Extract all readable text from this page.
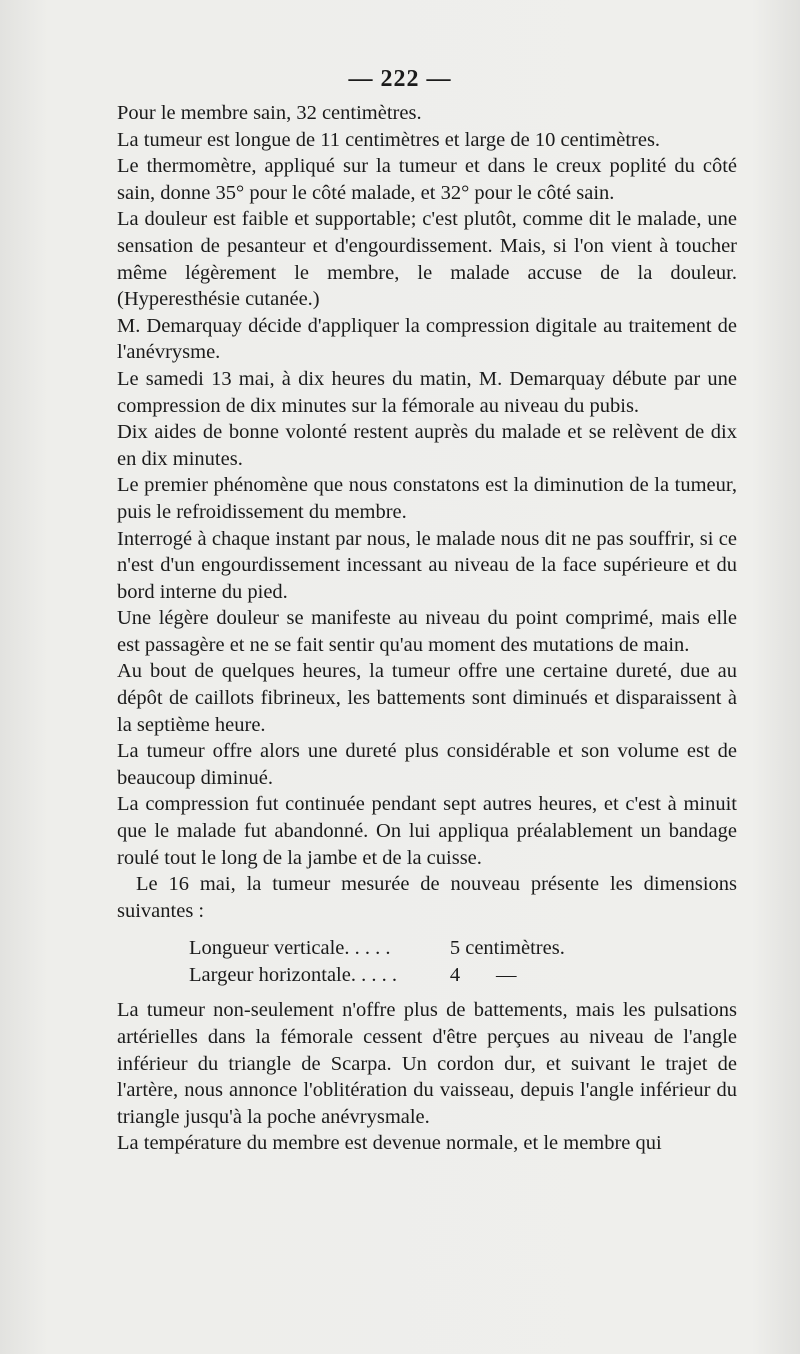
— 222 —

Pour le membre sain, 32 centimètres.

La tumeur est longue de 11 centimètres et large de 10 centimètres.

Le thermomètre, appliqué sur la tumeur et dans le creux poplité du côté sain, donne 35° pour le côté malade, et 32° pour le côté sain.

La douleur est faible et supportable; c'est plutôt, comme dit le malade, une sensation de pesanteur et d'engourdissement. Mais, si l'on vient à toucher même légèrement le membre, le malade accuse de la douleur. (Hyperesthésie cutanée.)

M. Demarquay décide d'appliquer la compression digitale au traitement de l'anévrysme.

Le samedi 13 mai, à dix heures du matin, M. Demarquay débute par une compression de dix minutes sur la fémorale au niveau du pubis.

Dix aides de bonne volonté restent auprès du malade et se relèvent de dix en dix minutes.

Le premier phénomène que nous constatons est la diminution de la tumeur, puis le refroidissement du membre.

Interrogé à chaque instant par nous, le malade nous dit ne pas souffrir, si ce n'est d'un engourdissement incessant au niveau de la face supérieure et du bord interne du pied.

Une légère douleur se manifeste au niveau du point comprimé, mais elle est passagère et ne se fait sentir qu'au moment des mutations de main.

Au bout de quelques heures, la tumeur offre une certaine dureté, due au dépôt de caillots fibrineux, les battements sont diminués et disparaissent à la septième heure.

La tumeur offre alors une dureté plus considérable et son volume est de beaucoup diminué.

La compression fut continuée pendant sept autres heures, et c'est à minuit que le malade fut abandonné. On lui appliqua préalablement un bandage roulé tout le long de la jambe et de la cuisse.

Le 16 mai, la tumeur mesurée de nouveau présente les dimensions suivantes :

Longueur verticale. . . . .	5 centimètres.
Largeur horizontale. . . . .	4       —

La tumeur non-seulement n'offre plus de battements, mais les pulsations artérielles dans la fémorale cessent d'être perçues au niveau de l'angle inférieur du triangle de Scarpa. Un cordon dur, et suivant le trajet de l'artère, nous annonce l'oblitération du vaisseau, depuis l'angle inférieur du triangle jusqu'à la poche anévrysmale.

La température du membre est devenue normale, et le membre qui
